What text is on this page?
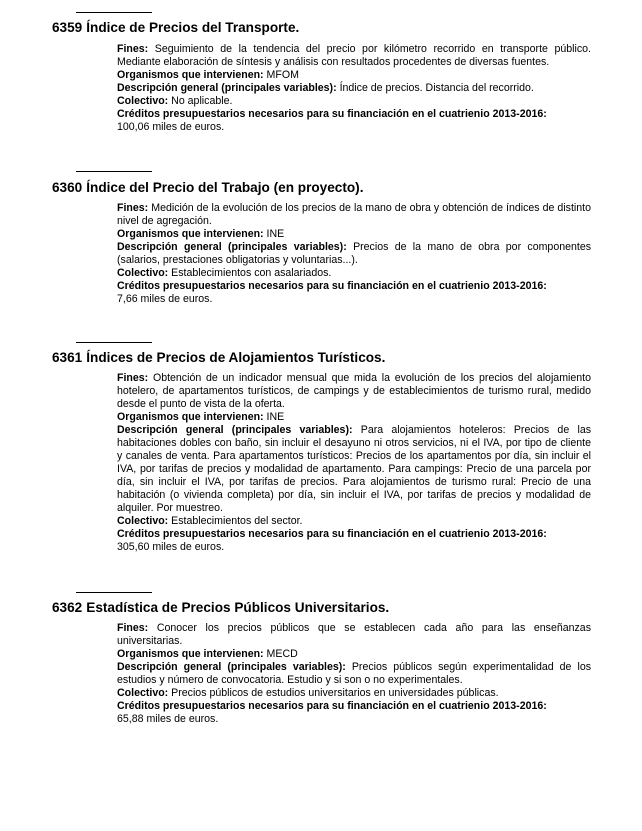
6359 Índice de Precios del Transporte.

Fines: Seguimiento de la tendencia del precio por kilómetro recorrido en transporte público. Mediante elaboración de síntesis y análisis con resultados procedentes de diversas fuentes.

Organismos que intervienen: MFOM

Descripción general (principales variables): Índice de precios. Distancia del recorrido.

Colectivo: No aplicable.

Créditos presupuestarios necesarios para su financiación en el cuatrienio 2013-2016:
100,06 miles de euros.

6360 Índice del Precio del Trabajo (en proyecto).

Fines: Medición de la evolución de los precios de la mano de obra y obtención de índices de distinto nivel de agregación.

Organismos que intervienen: INE

Descripción general (principales variables): Precios de la mano de obra por componentes (salarios, prestaciones obligatorias y voluntarias...).

Colectivo: Establecimientos con asalariados.

Créditos presupuestarios necesarios para su financiación en el cuatrienio 2013-2016:
7,66 miles de euros.

6361 Índices de Precios de Alojamientos Turísticos.

Fines: Obtención de un indicador mensual que mida la evolución de los precios del alojamiento hotelero, de apartamentos turísticos, de campings y de establecimientos de turismo rural, medido desde el punto de vista de la oferta.

Organismos que intervienen: INE

Descripción general (principales variables): Para alojamientos hoteleros: Precios de las habitaciones dobles con baño, sin incluir el desayuno ni otros servicios, ni el IVA, por tipo de cliente y canales de venta. Para apartamentos turísticos: Precios de los apartamentos por día, sin incluir el IVA, por tarifas de precios y modalidad de apartamento. Para campings: Precio de una parcela por día, sin incluir el IVA, por tarifas de precios. Para alojamientos de turismo rural: Precio de una habitación (o vivienda completa) por día, sin incluir el IVA, por tarifas de precios y modalidad de alquiler. Por muestreo.

Colectivo: Establecimientos del sector.

Créditos presupuestarios necesarios para su financiación en el cuatrienio 2013-2016:
305,60 miles de euros.

6362 Estadística de Precios Públicos Universitarios.

Fines: Conocer los precios públicos que se establecen cada año para las enseñanzas universitarias.

Organismos que intervienen: MECD

Descripción general (principales variables): Precios públicos según experimentalidad de los estudios y número de convocatoria. Estudio y si son o no experimentales.

Colectivo: Precios públicos de estudios universitarios en universidades públicas.

Créditos presupuestarios necesarios para su financiación en el cuatrienio 2013-2016:
65,88 miles de euros.
